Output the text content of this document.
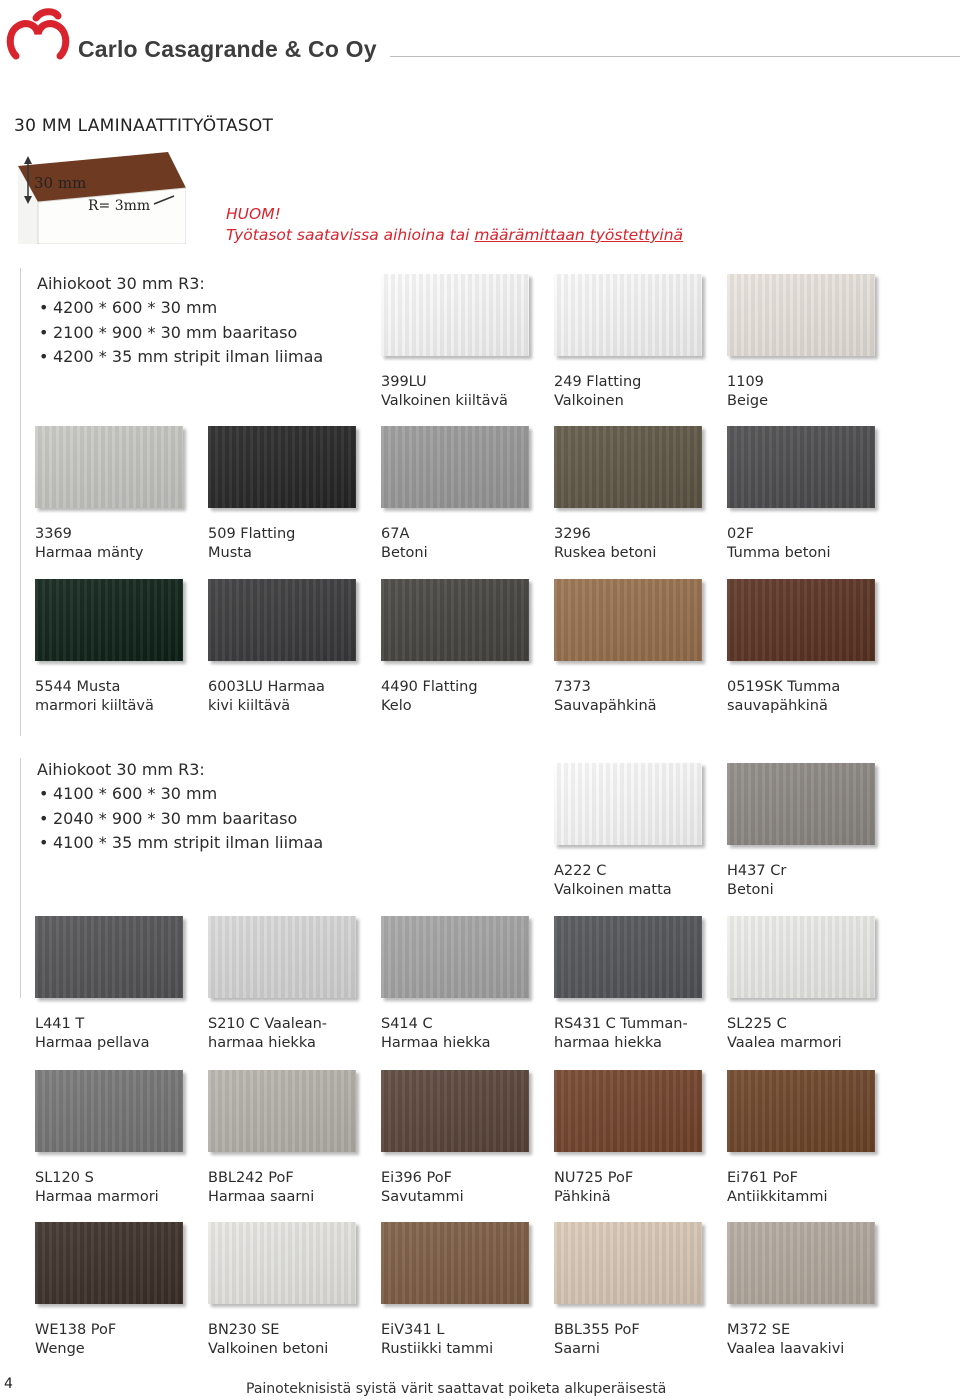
Carlo Casagrande & Co Oy
30 MM LAMINAATTITYÖTASOT
30 mm
R= 3mm	HUOM!
Työtasot saatavissa aihioina tai määrämittaan työstettyinä
Aihiokoot 30 mm R3:
• 4200 * 600 * 30 mm
• 2100 * 900 * 30 mm baaritaso
• 4200 * 35 mm stripit ilman liimaa
Aihiokoot 30 mm R3:
• 4100 * 600 * 30 mm
• 2040 * 900 * 30 mm baaritaso
• 4100 * 35 mm stripit ilman liimaa
399LU
Valkoinen kiiltävä
249 Flatting
Valkoinen
1109
Beige
3369
Harmaa mänty
509 Flatting
Musta
67A
Betoni
3296
Ruskea betoni
02F
Tumma betoni
5544 Musta
marmori kiiltävä
6003LU Harmaa
kivi kiiltävä
4490 Flatting
Kelo
7373
Sauvapähkinä
0519SK Tumma
sauvapähkinä
A222 C
Valkoinen matta
H437 Cr
Betoni
L441 T
Harmaa pellava
S210 C Vaalean-
harmaa hiekka
S414 C
Harmaa hiekka
RS431 C Tumman-
harmaa hiekka
SL225 C
Vaalea marmori
SL120 S
Harmaa marmori
BBL242 PoF
Harmaa saarni
Ei396 PoF
Savutammi
NU725 PoF
Pähkinä
Ei761 PoF
Antiikkitammi
WE138 PoF
Wenge
BN230 SE
Valkoinen betoni
EiV341 L
Rustiikki tammi
BBL355 PoF
Saarni
M372 SE
Vaalea laavakivi
4	Painoteknisistä syistä värit saattavat poiketa alkuperäisestä
